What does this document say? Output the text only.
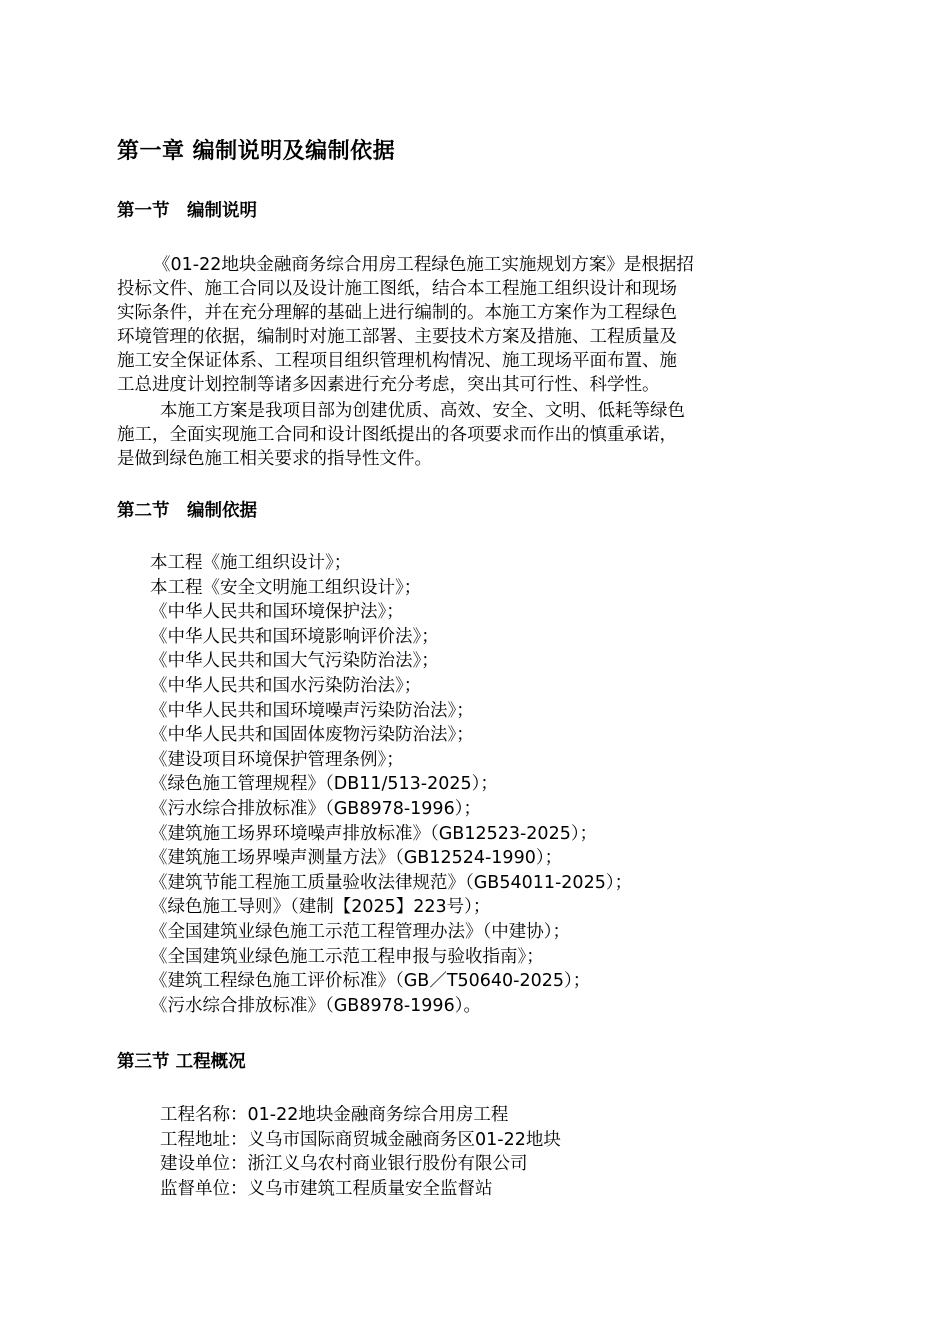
第一章 编制说明及编制依据
第一节　编制说明

《01-22地块金融商务综合用房工程绿色施工实施规划方案》是根据招
投标文件、施工合同以及设计施工图纸，结合本工程施工组织设计和现场
实际条件，并在充分理解的基础上进行编制的。本施工方案作为工程绿色
环境管理的依据，编制时对施工部署、主要技术方案及措施、工程质量及
施工安全保证体系、工程项目组织管理机构情况、施工现场平面布置、施
工总进度计划控制等诸多因素进行充分考虑，突出其可行性、科学性。

本施工方案是我项目部为创建优质、高效、安全、文明、低耗等绿色
施工，全面实现施工合同和设计图纸提出的各项要求而作出的慎重承诺，
是做到绿色施工相关要求的指导性文件。

第二节　编制依据
本工程《施工组织设计》；
本工程《安全文明施工组织设计》；
《中华人民共和国环境保护法》；
《中华人民共和国环境影响评价法》；
《中华人民共和国大气污染防治法》；
《中华人民共和国水污染防治法》；
《中华人民共和国环境噪声污染防治法》；
《中华人民共和国固体废物污染防治法》；
《建设项目环境保护管理条例》；
《绿色施工管理规程》（DB11/513-2025）；
《污水综合排放标准》（GB8978-1996）；
《建筑施工场界环境噪声排放标准》（GB12523-2025）；
《建筑施工场界噪声测量方法》（GB12524-1990）；
《建筑节能工程施工质量验收法律规范》（GB54011-2025）；
《绿色施工导则》（建制【2025】223号）；
《全国建筑业绿色施工示范工程管理办法》（中建协）；
《全国建筑业绿色施工示范工程申报与验收指南》；
《建筑工程绿色施工评价标准》（GB／T50640-2025）；
《污水综合排放标准》（GB8978-1996）。
第三节 工程概况
工程名称：01-22地块金融商务综合用房工程
工程地址：义乌市国际商贸城金融商务区01-22地块
建设单位：浙江义乌农村商业银行股份有限公司
监督单位：义乌市建筑工程质量安全监督站
